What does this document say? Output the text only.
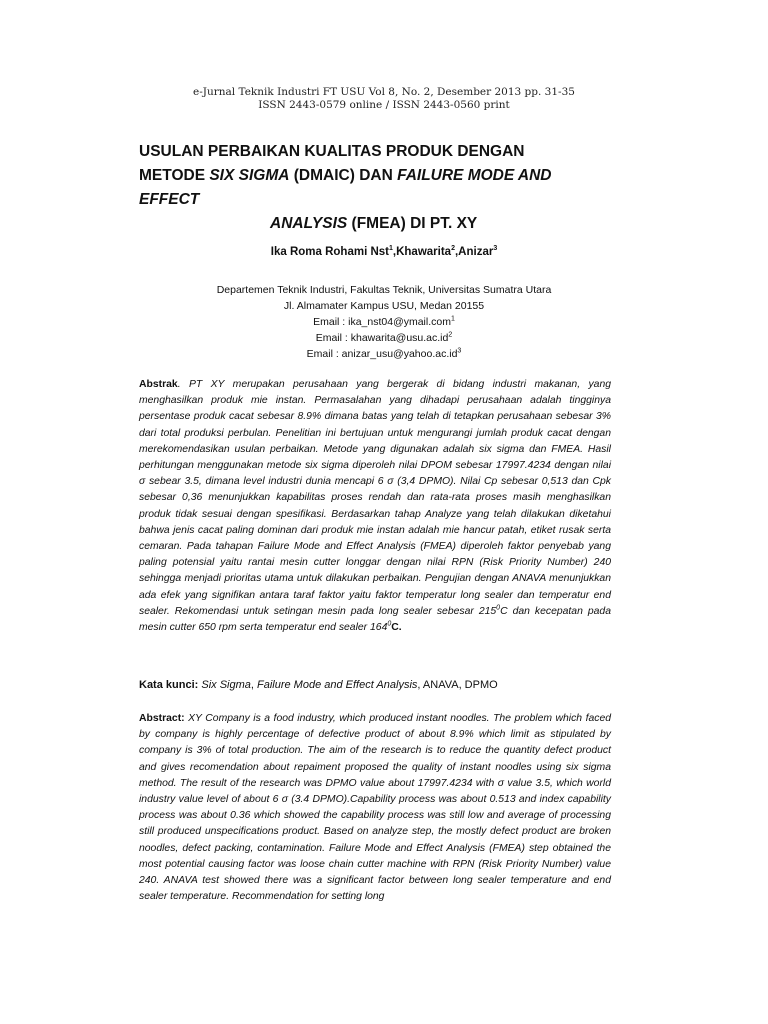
e-Jurnal Teknik Industri FT USU Vol 8, No. 2, Desember 2013 pp. 31-35
ISSN 2443-0579 online / ISSN 2443-0560 print
USULAN PERBAIKAN KUALITAS PRODUK DENGAN
METODE SIX SIGMA (DMAIC) DAN FAILURE MODE AND
EFFECT
ANALYSIS (FMEA) DI PT. XY
Ika Roma Rohami Nst$^1$,Khawarita$^2$,Anizar$^3$
Departemen Teknik Industri, Fakultas Teknik, Universitas Sumatra Utara
Jl. Almamater Kampus USU, Medan 20155
Email : ika_nst04@ymail.com$^1$
Email : $khawarita@usu.ac.id^2$
Email : $anizar\_usu@yahoo.ac.id^3$
Abstrak. PT XY merupakan perusahaan yang bergerak di bidang industri makanan, yang menghasilkan produk mie instan. Permasalahan yang dihadapi perusahaan adalah tingginya persentase produk cacat sebesar 8.9% dimana batas yang telah di tetapkan perusahaan sebesar 3% dari total produksi perbulan. Penelitian ini bertujuan untuk mengurangi jumlah produk cacat dengan merekomendasikan usulan perbaikan. Metode yang digunakan adalah six sigma dan FMEA. Hasil perhitungan menggunakan metode six sigma diperoleh nilai DPOM sebesar 17997.4234 dengan nilai σ sebear 3.5, dimana level industri dunia mencapi 6 σ (3,4 DPMO). Nilai Cp sebesar 0,513 dan Cpk sebesar 0,36 menunjukkan kapabilitas proses rendah dan rata-rata proses masih menghasilkan produk tidak sesuai dengan spesifikasi. Berdasarkan tahap Analyze yang telah dilakukan diketahui bahwa jenis cacat paling dominan dari produk mie instan adalah mie hancur patah, etiket rusak serta cemaran. Pada tahapan Failure Mode and Effect Analysis (FMEA) diperoleh faktor penyebab yang paling potensial yaitu rantai mesin cutter longgar dengan nilai RPN (Risk Priority Number) 240 sehingga menjadi prioritas utama untuk dilakukan perbaikan. Pengujian dengan ANAVA menunjukkan ada efek yang signifikan antara taraf faktor yaitu faktor temperatur long sealer dan temperatur end sealer. Rekomendasi untuk setingan mesin pada long sealer sebesar $215^0C$ dan kecepatan pada mesin cutter 650 rpm serta temperatur end sealer $164^0C$.
Kata kunci: Six Sigma, Failure Mode and Effect Analysis, ANAVA, DPMO
Abstract: XY Company is a food industry, which produced instant noodles. The problem which faced by company is highly percentage of defective product of about 8.9% which limit as stipulated by company is 3% of total production. The aim of the research is to reduce the quantity defect product and gives recomendation about repaiment proposed the quality of instant noodles using six sigma method. The result of the research was DPMO value about 17997.4234 with σ value 3.5, which world industry value level of about 6 σ (3.4 DPMO).Capability process was about 0.513 and index capability process was about 0.36 which showed the capability process was still low and average of processing still produced unspecifications product. Based on analyze step, the mostly defect product are broken noodles, defect packing, contamination. Failure Mode and Effect Analysis (FMEA) step obtained the most potential causing factor was loose chain cutter machine with RPN (Risk Priority Number) value 240. ANAVA test showed there was a significant factor between long sealer temperature and end sealer temperature. Recommendation for setting long
